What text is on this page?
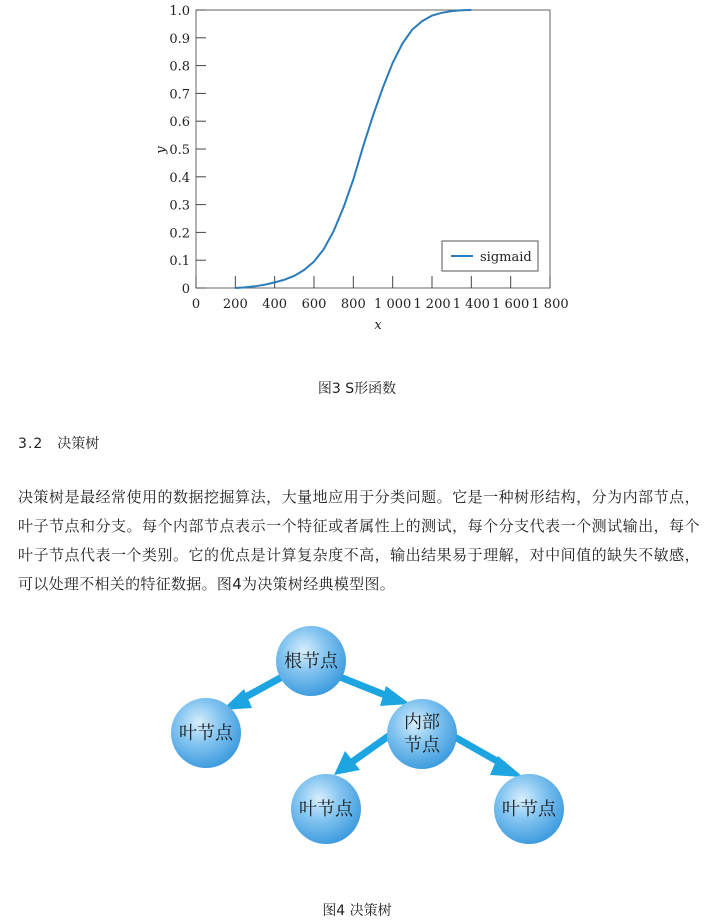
0 200 400 600 800 1 000 1 200 1 400 1 600 1 800
0
0.1
0.2
0.3
0.4
0.5
0.6
0.7
0.8
0.9
1.0
x
y
sigmaid
图3 S形函数
3.2 决策树

决策树是最经常使用的数据挖掘算法，大量地应用于分类问题。它是一种树形结构，分为内部节点，叶子节点和分支。每个内部节点表示一个特征或者属性上的测试，每个分支代表一个测试输出，每个叶子节点代表一个类别。它的优点是计算复杂度不高，输出结果易于理解，对中间值的缺失不敏感，可以处理不相关的特征数据。图4为决策树经典模型图。

根节点
叶节点
内部
节点
叶节点	叶节点
图4 决策树
